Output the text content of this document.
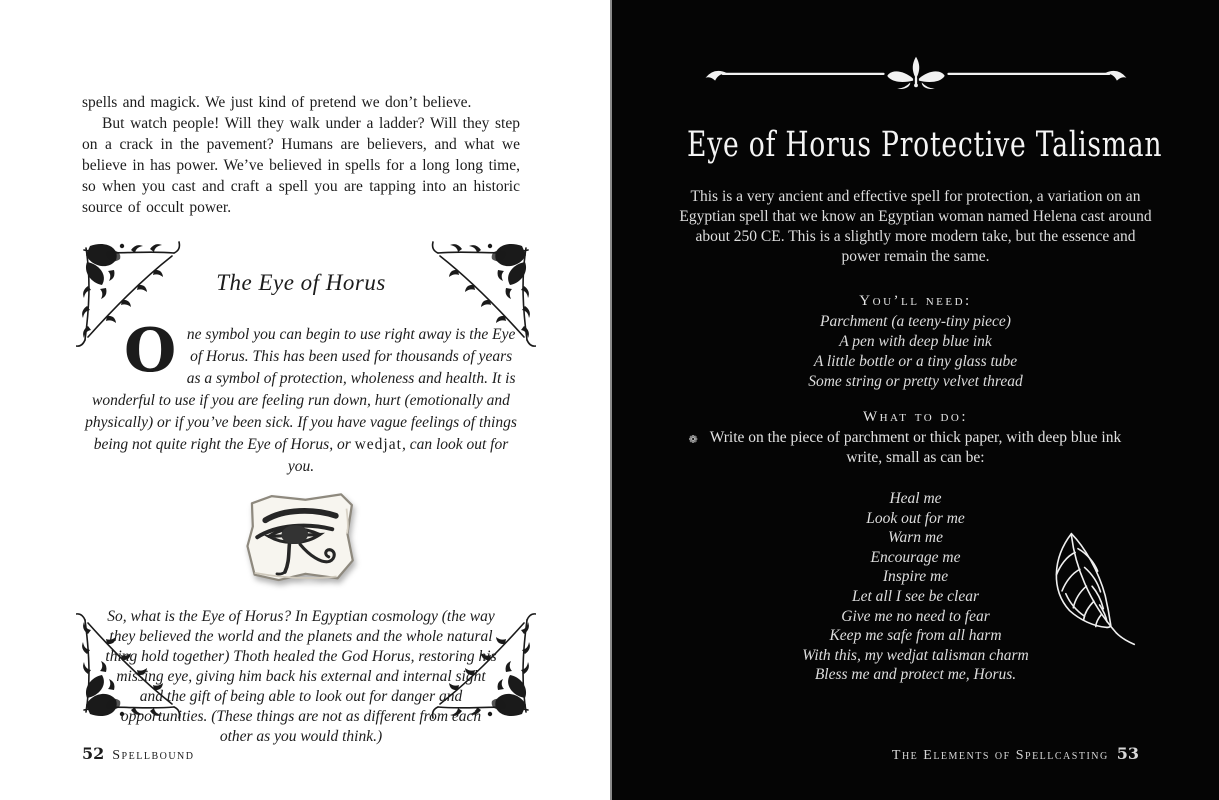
spells and magick. We just kind of pretend we don’t believe.

But watch people! Will they walk under a ladder? Will they step on a crack in the pavement? Humans are believers, and what we believe in has power. We’ve believed in spells for a long long time, so when you cast and craft a spell you are tapping into an historic source of occult power.

The Eye of Horus

One symbol you can begin to use right away is the Eye of Horus. This has been used for thousands of years as a symbol of protection, wholeness and health. It is wonderful to use if you are feeling run down, hurt (emotionally and physically) or if you’ve been sick. If you have vague feelings of things being not quite right the Eye of Horus, or wedjat, can look out for you.

So, what is the Eye of Horus? In Egyptian cosmology (the way they believed the world and the planets and the whole natural thing hold together) Thoth healed the God Horus, restoring his missing eye, giving him back his external and internal sight and the gift of being able to look out for danger and opportunities. (These things are not as different from each other as you would think.)

52 Spellbound
Eye of Horus Protective Talisman

This is a very ancient and effective spell for protection, a variation on an Egyptian spell that we know an Egyptian woman named Helena cast around about 250 CE. This is a slightly more modern take, but the essence and power remain the same.

You’ll need:

Parchment (a teeny-tiny piece)

A pen with deep blue ink

A little bottle or a tiny glass tube

Some string or pretty velvet thread

What to do:

❁ Write on the piece of parchment or thick paper, with deep blue ink write, small as can be:

Heal me

Look out for me

Warn me

Encourage me

Inspire me

Let all I see be clear

Give me no need to fear

Keep me safe from all harm

With this, my wedjat talisman charm

Bless me and protect me, Horus.

The Elements of Spellcasting 53
